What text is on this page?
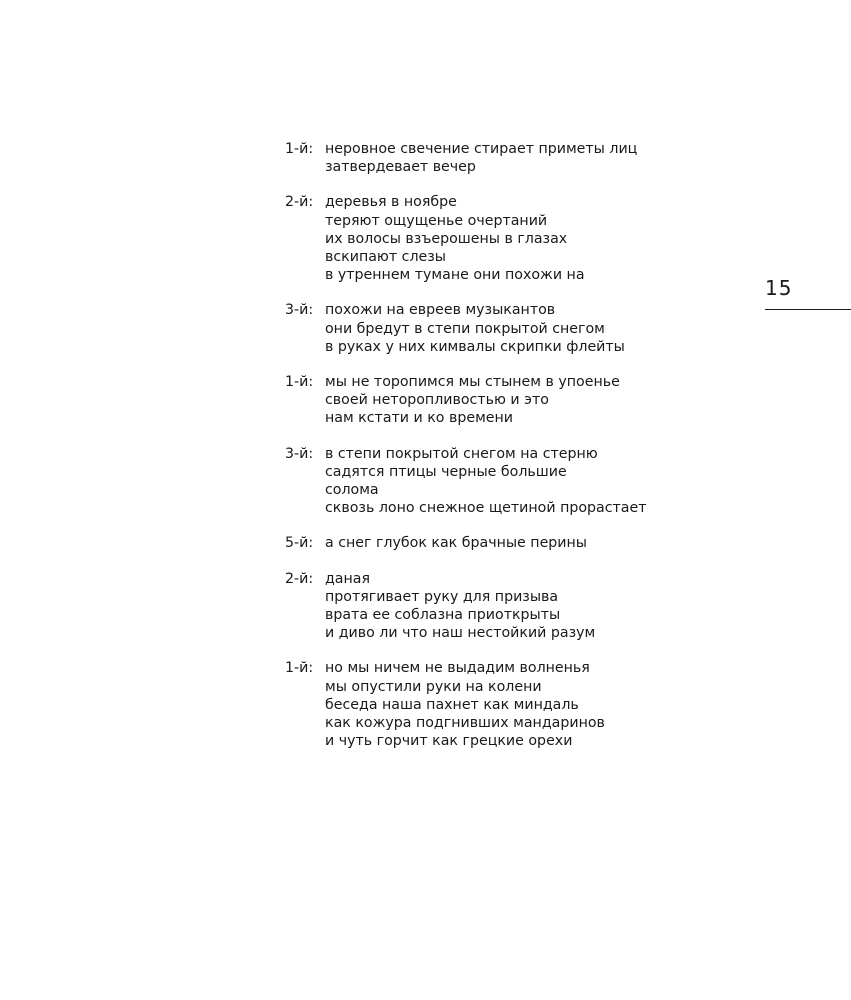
1-й: неровное свечение стирает приметы лиц
затвердевает вечер
2-й: деревья в ноябре
теряют ощущенье очертаний
их волосы взъерошены в глазах
вскипают слезы
в утреннем тумане они похожи на
3-й: похожи на евреев музыкантов
они бредут в степи покрытой снегом
в руках у них кимвалы скрипки флейты
1-й: мы не торопимся мы стынем в упоенье
своей неторопливостью и это
нам кстати и ко времени
3-й: в степи покрытой снегом на стерню
садятся птицы черные большие
солома
сквозь лоно снежное щетиной прорастает
5-й: а снег глубок как брачные перины
2-й: даная
протягивает руку для призыва
врата ее соблазна приоткрыты
и диво ли что наш нестойкий разум
1-й: но мы ничем не выдадим волненья
мы опустили руки на колени
беседа наша пахнет как миндаль
как кожура подгнивших мандаринов
и чуть горчит как грецкие орехи
15
